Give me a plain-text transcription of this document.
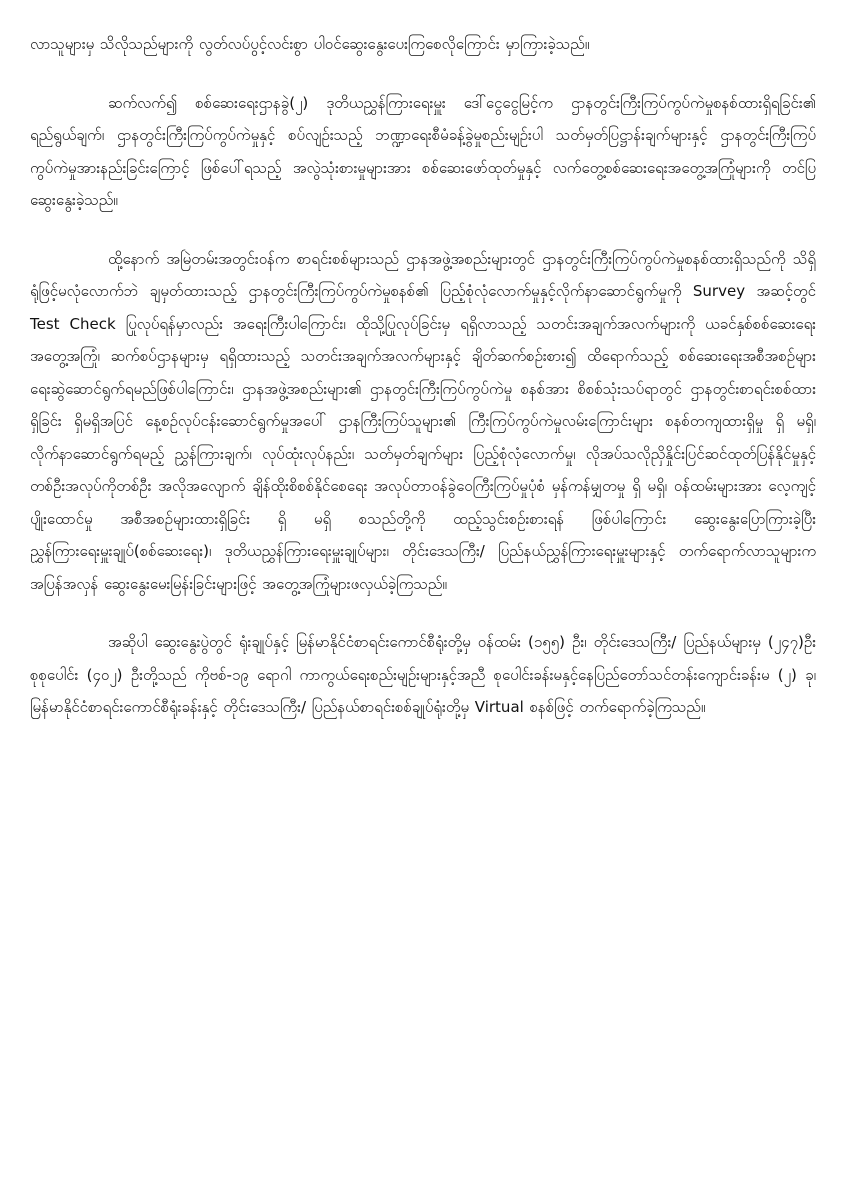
လာသူများမှ သိလိုသည်များကို လွတ်လပ်ပွင့်လင်းစွာ ပါဝင်ဆွေးနွေးပေးကြစေလိုကြောင်း မှာကြားခဲ့သည်။

ဆက်လက်၍ စစ်ဆေးရေးဌာနခွဲ(၂) ဒုတိယညွှန်ကြားရေးမှူး ဒေါ်ငွေငွေမြင့်က ဌာနတွင်းကြီးကြပ်ကွပ်ကဲမှုစနစ်ထားရှိရခြင်း၏ ရည်ရွယ်ချက်၊ ဌာနတွင်းကြီးကြပ်ကွပ်ကဲမှုနှင့် စပ်လျဉ်းသည့် ဘဏ္ဍာရေးစီမံခန့်ခွဲမှုစည်းမျဉ်းပါ သတ်မှတ်ပြဋ္ဌာန်းချက်များနှင့် ဌာနတွင်းကြီးကြပ်ကွပ်ကဲမှုအားနည်းခြင်းကြောင့် ဖြစ်ပေါ်ရသည့် အလွဲသုံးစားမှုများအား စစ်ဆေးဖော်ထုတ်မှုနှင့် လက်တွေ့စစ်ဆေးရေးအတွေ့အကြုံများကို တင်ပြဆွေးနွေးခဲ့သည်။

ထို့နောက် အမြဲတမ်းအတွင်းဝန်က စာရင်းစစ်များသည် ဌာနအဖွဲ့အစည်းများတွင် ဌာနတွင်းကြီးကြပ်ကွပ်ကဲမှုစနစ်ထားရှိသည်ကို သိရှိရုံဖြင့်မလုံလောက်ဘဲ ချမှတ်ထားသည့် ဌာနတွင်းကြီးကြပ်ကွပ်ကဲမှုစနစ်၏ ပြည့်စုံလုံလောက်မှုနှင့်လိုက်နာဆောင်ရွက်မှုကို Survey အဆင့်တွင် Test Check ပြုလုပ်ရန်မှာလည်း အရေးကြီးပါကြောင်း၊ ထိုသို့ပြုလုပ်ခြင်းမှ ရရှိလာသည့် သတင်းအချက်အလက်များကို ယခင်နှစ်စစ်ဆေးရေးအတွေ့အကြုံ၊ ဆက်စပ်ဌာနများမှ ရရှိထားသည့် သတင်းအချက်အလက်များနှင့် ချိတ်ဆက်စဉ်းစား၍ ထိရောက်သည့် စစ်ဆေးရေးအစီအစဉ်များ ရေးဆွဲဆောင်ရွက်ရမည်ဖြစ်ပါကြောင်း၊ ဌာနအဖွဲ့အစည်းများ၏ ဌာနတွင်းကြီးကြပ်ကွပ်ကဲမှု စနစ်အား စိစစ်သုံးသပ်ရာတွင် ဌာနတွင်းစာရင်းစစ်ထား ရှိခြင်း ရှိမရှိအပြင် နေ့စဉ်လုပ်ငန်းဆောင်ရွက်မှုအပေါ် ဌာနကြီးကြပ်သူများ၏ ကြီးကြပ်ကွပ်ကဲမှုလမ်းကြောင်းများ စနစ်တကျထားရှိမှု ရှိ မရှိ၊ လိုက်နာဆောင်ရွက်ရမည့် ညွှန်ကြားချက်၊ လုပ်ထုံးလုပ်နည်း၊ သတ်မှတ်ချက်များ ပြည့်စုံလုံလောက်မှု၊ လိုအပ်သလိုညှိနှိုင်းပြင်ဆင်ထုတ်ပြန်နိုင်မှုနှင့် တစ်ဦးအလုပ်ကိုတစ်ဦး အလိုအလျောက် ချိန်ထိုးစိစစ်နိုင်စေရေး အလုပ်တာဝန်ခွဲဝေကြီးကြပ်မှုပုံစံ မှန်ကန်မျှတမှု ရှိ မရှိ၊ ဝန်ထမ်းများအား လေ့ကျင့်ပျိုးထောင်မှု အစီအစဉ်များထားရှိခြင်း ရှိ မရှိ စသည်တို့ကို ထည့်သွင်းစဉ်းစားရန် ဖြစ်ပါကြောင်း ဆွေးနွေးပြောကြားခဲ့ပြီး ညွှန်ကြားရေးမှူးချုပ်(စစ်ဆေးရေး)၊ ဒုတိယညွှန်ကြားရေးမှူးချုပ်များ၊ တိုင်းဒေသကြီး/ ပြည်နယ်ညွှန်ကြားရေးမှူးများနှင့် တက်ရောက်လာသူများက အပြန်အလှန် ဆွေးနွေးမေးမြန်းခြင်းများဖြင့် အတွေ့အကြုံများဖလှယ်ခဲ့ကြသည်။

အဆိုပါ ဆွေးနွေးပွဲတွင် ရုံးချုပ်နှင့် မြန်မာနိုင်ငံစာရင်းကောင်စီရုံးတို့မှ ဝန်ထမ်း (၁၅၅) ဦး၊ တိုင်းဒေသကြီး/ ပြည်နယ်များမှ (၂၄၇)ဦး စုစုပေါင်း (၄၀၂) ဦးတို့သည် ကိုဗစ်-၁၉ ရောဂါ ကာကွယ်ရေးစည်းမျဉ်းများနှင့်အညီ စုပေါင်းခန်းမနှင့်နေပြည်တော်သင်တန်းကျောင်းခန်းမ (၂) ခု၊ မြန်မာနိုင်ငံစာရင်းကောင်စီရုံးခန်းနှင့် တိုင်းဒေသကြီး/ ပြည်နယ်စာရင်းစစ်ချုပ်ရုံးတို့မှ Virtual စနစ်ဖြင့် တက်ရောက်ခဲ့ကြသည်။
